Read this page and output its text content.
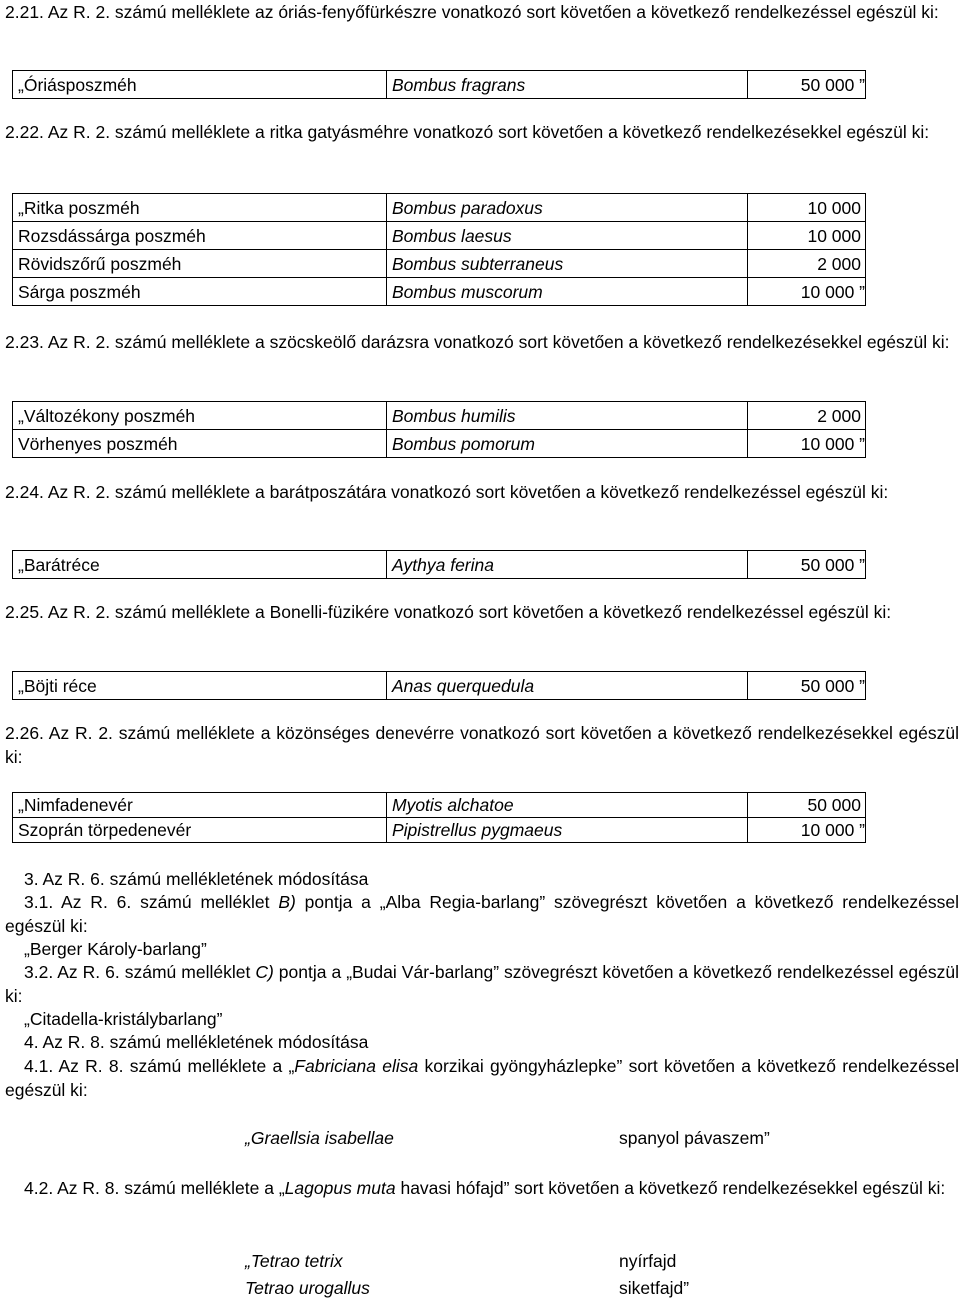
2.21. Az R. 2. számú melléklete az óriás-fenyőfürkészre vonatkozó sort követően a következő rendelkezéssel egészül ki:
„Óriásposzméh	Bombus fragrans	50 000 ”
2.22. Az R. 2. számú melléklete a ritka gatyásméhre vonatkozó sort követően a következő rendelkezésekkel egészül ki:
„Ritka poszméh	Bombus paradoxus	10 000
Rozsdássárga poszméh	Bombus laesus	10 000
Rövidszőrű poszméh	Bombus subterraneus	2 000
Sárga poszméh	Bombus muscorum	10 000 ”
2.23. Az R. 2. számú melléklete a szöcskeölő darázsra vonatkozó sort követően a következő rendelkezésekkel egészül ki:
„Változékony poszméh	Bombus humilis	2 000
Vörhenyes poszméh	Bombus pomorum	10 000 ”
2.24. Az R. 2. számú melléklete a barátposzátára vonatkozó sort követően a következő rendelkezéssel egészül ki:
„Barátréce	Aythya ferina	50 000 ”
2.25. Az R. 2. számú melléklete a Bonelli-füzikére vonatkozó sort követően a következő rendelkezéssel egészül ki:
„Böjti réce	Anas querquedula	50 000 ”
2.26. Az R. 2. számú melléklete a közönséges denevérre vonatkozó sort követően a következő rendelkezésekkel egészül ki:
„Nimfadenevér	Myotis alchatoe	50 000
Szoprán törpedenevér	Pipistrellus pygmaeus	10 000 ”
3. Az R. 6. számú mellékletének módosítása
3.1. Az R. 6. számú melléklet B) pontja a „Alba Regia-barlang” szövegrészt követően a következő rendelkezéssel egészül ki:
„Berger Károly-barlang”
3.2. Az R. 6. számú melléklet C) pontja a „Budai Vár-barlang” szövegrészt követően a következő rendelkezéssel egészül ki:
„Citadella-kristálybarlang”
4. Az R. 8. számú mellékletének módosítása
4.1. Az R. 8. számú melléklete a „Fabriciana elisa korzikai gyöngyházlepke” sort követően a következő rendelkezéssel egészül ki:
„Graellsia isabellae	spanyol pávaszem”
4.2. Az R. 8. számú melléklete a „Lagopus muta havasi hófajd” sort követően a következő rendelkezésekkel egészül ki:
„Tetrao tetrix	nyírfajd
Tetrao urogallus	siketfajd”
